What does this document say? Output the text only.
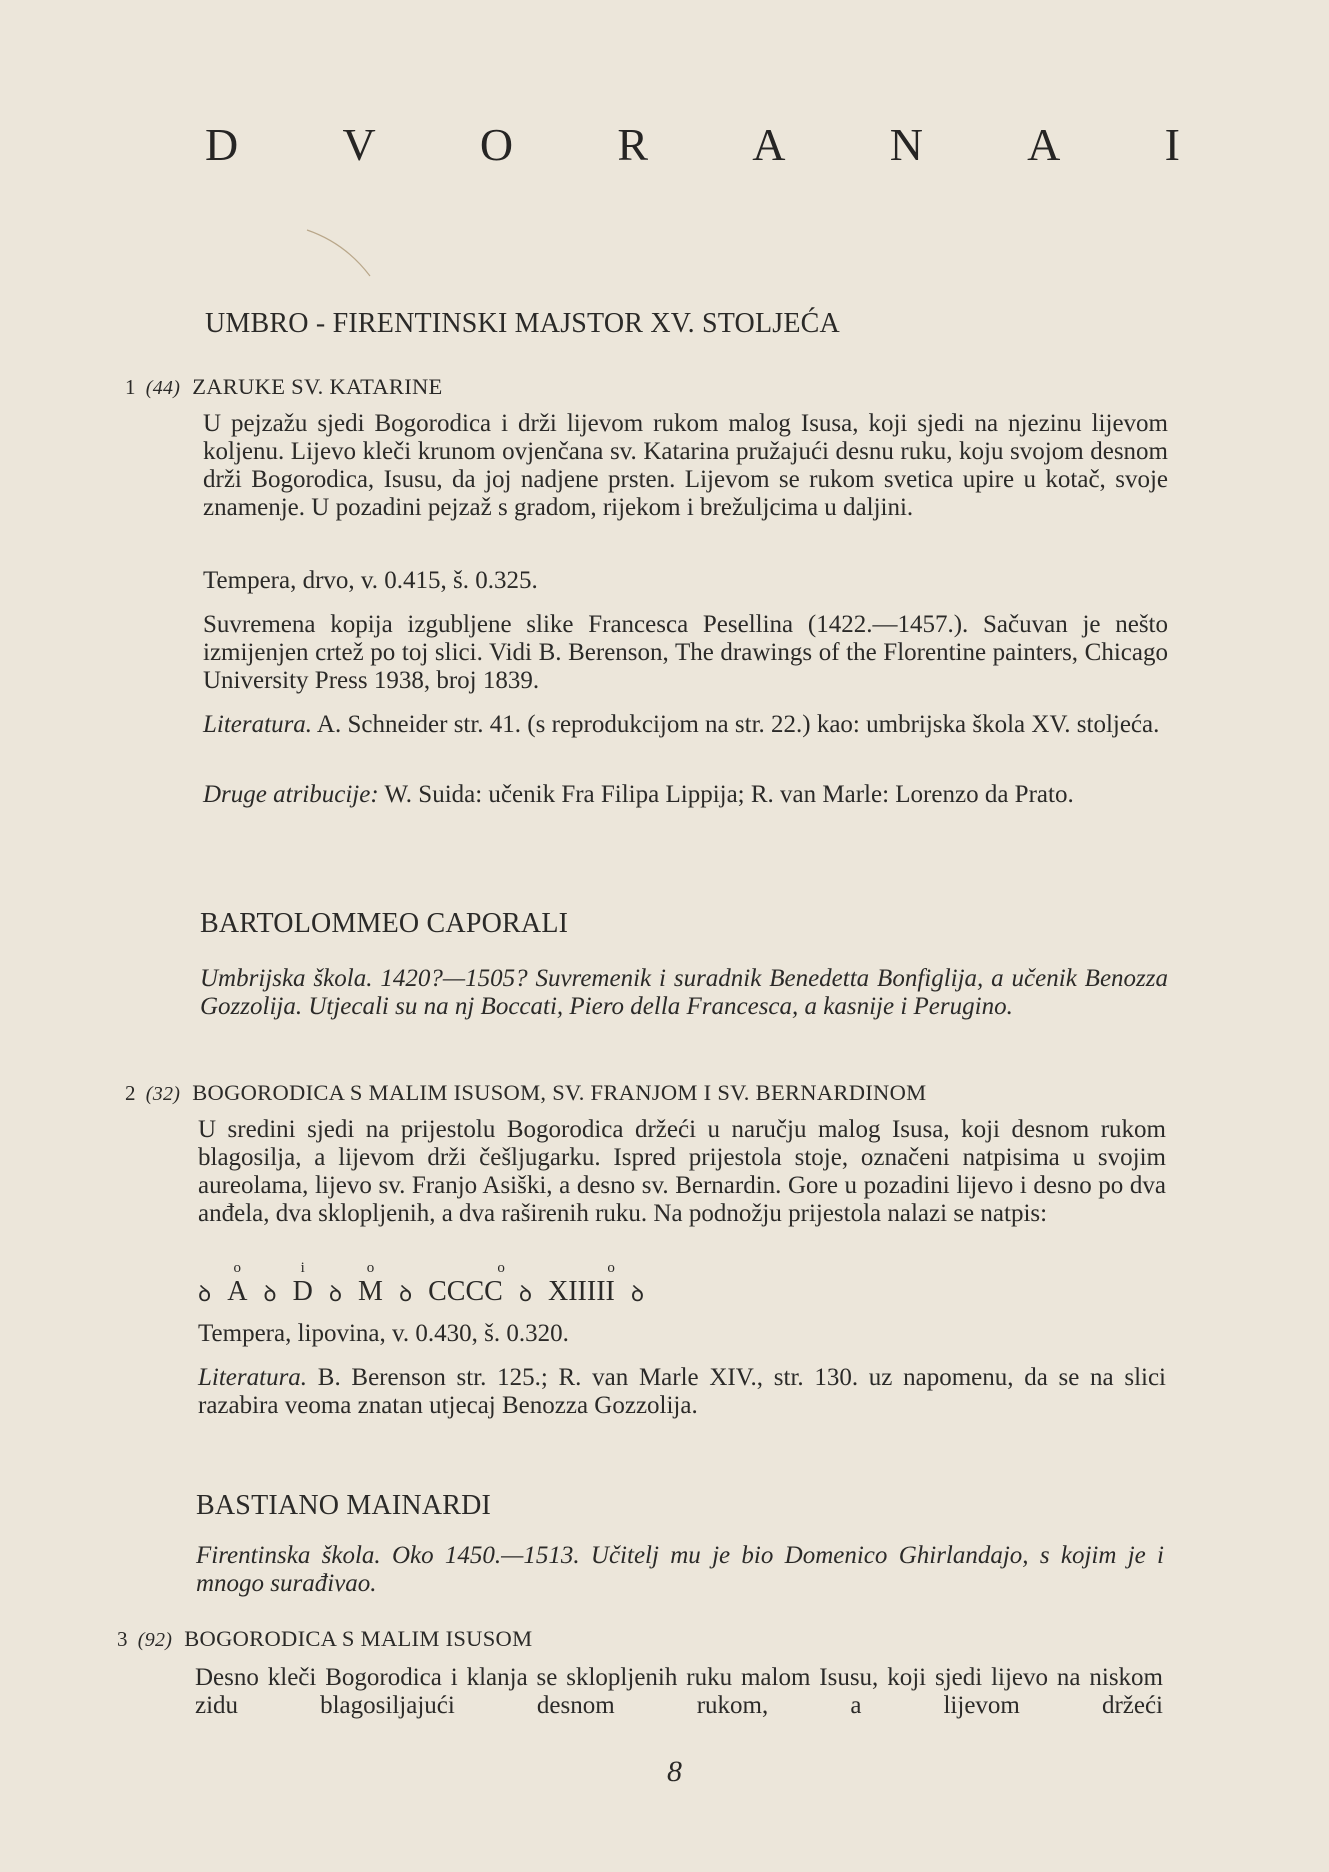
D V O R A N A I
UMBRO - FIRENTINSKI MAJSTOR XV. STOLJEĆA
1 (44) ZARUKE SV. KATARINE
U pejzažu sjedi Bogorodica i drži lijevom rukom malog Isusa, koji sjedi na njezinu lijevom koljenu. Lijevo kleči krunom ovjenčana sv. Katarina pružajući desnu ruku, koju svojom desnom drži Bogorodica, Isusu, da joj nadjene prsten. Lijevom se rukom svetica upire u kotač, svoje znamenje. U pozadini pejzaž s gradom, rijekom i brežuljcima u daljini.
Tempera, drvo, v. 0.415, š. 0.325.
Suvremena kopija izgubljene slike Francesca Pesellina (1422.—1457.). Sačuvan je nešto izmijenjen crtež po toj slici. Vidi B. Berenson, The drawings of the Florentine painters, Chicago University Press 1938, broj 1839.
Literatura. A. Schneider str. 41. (s reprodukcijom na str. 22.) kao: umbrijska škola XV. stoljeća.
Druge atribucije: W. Suida: učenik Fra Filipa Lippija; R. van Marle: Lorenzo da Prato.
BARTOLOMMEO CAPORALI
Umbrijska škola. 1420?—1505? Suvremenik i suradnik Benedetta Bonfiglija, a učenik Benozza Gozzolija. Utjecali su na nj Boccati, Piero della Francesca, a kasnije i Perugino.
2 (32) BOGORODICA S MALIM ISUSOM, SV. FRANJOM I SV. BERNARDINOM
U sredini sjedi na prijestolu Bogorodica držeći u naručju malog Isusa, koji desnom rukom blagosilja, a lijevom drži češljugarku. Ispred prijestola stoje, označeni natpisima u svojim aureolama, lijevo sv. Franjo Asiški, a desno sv. Bernardin. Gore u pozadini lijevo i desno po dva anđela, dva sklopljenih, a dva raširenih ruku. Na podnožju prijestola nalazi se natpis:
ꝺ
o
A ꝺ
i
D ꝺ
o
M ꝺ
o
CCCC ꝺ
o
XIIIII ꝺ
Tempera, lipovina, v. 0.430, š. 0.320.
Literatura. B. Berenson str. 125.; R. van Marle XIV., str. 130. uz napomenu, da se na slici razabira veoma znatan utjecaj Benozza Gozzolija.
BASTIANO MAINARDI
Firentinska škola. Oko 1450.—1513. Učitelj mu je bio Domenico Ghirlandajo, s kojim je i mnogo surađivao.
3 (92) BOGORODICA S MALIM ISUSOM
Desno kleči Bogorodica i klanja se sklopljenih ruku malom Isusu, koji sjedi lijevo na niskom zidu blagosiljajući desnom rukom, a lijevom držeći
8
